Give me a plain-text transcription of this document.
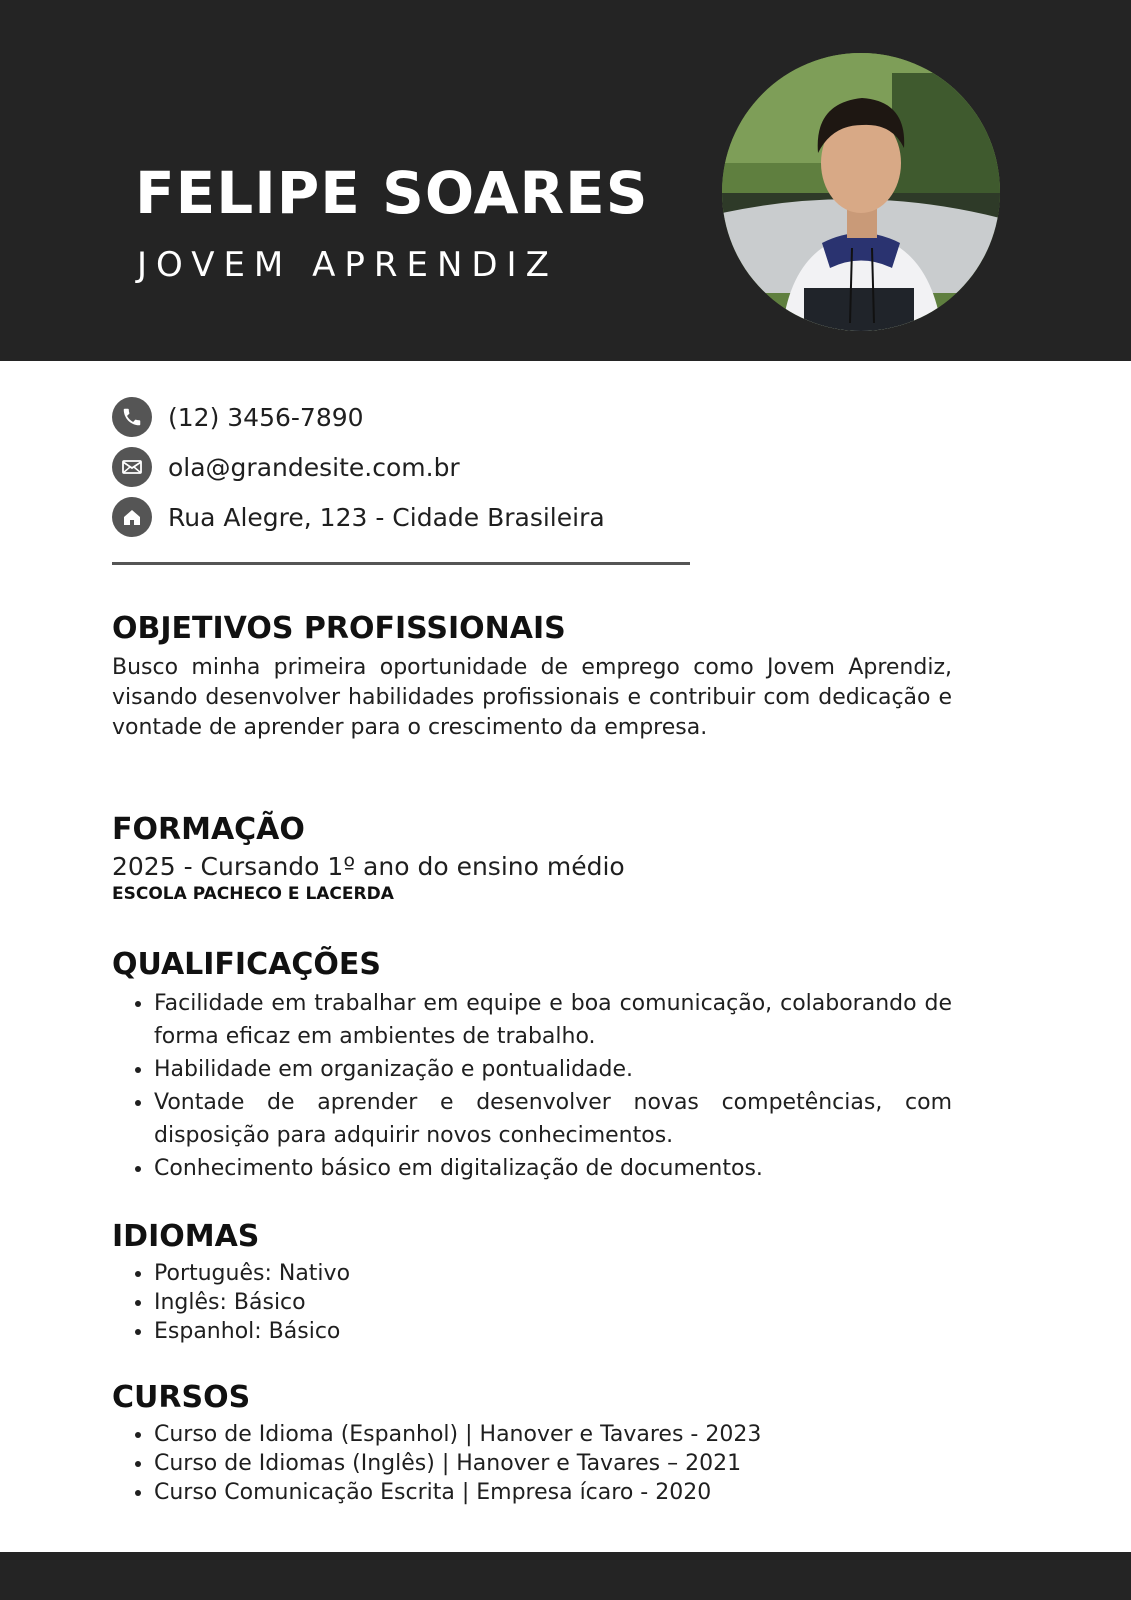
FELIPE SOARES
JOVEM APRENDIZ
(12) 3456-7890
ola@grandesite.com.br
Rua Alegre, 123 - Cidade Brasileira
OBJETIVOS PROFISSIONAIS

Busco minha primeira oportunidade de emprego como Jovem Aprendiz, visando desenvolver habilidades profissionais e contribuir com dedicação e vontade de aprender para o crescimento da empresa.

FORMAÇÃO

2025 - Cursando 1º ano do ensino médio

ESCOLA PACHECO E LACERDA

QUALIFICAÇÕES
• Facilidade em trabalhar em equipe e boa comunicação, colaborando de forma eficaz em ambientes de trabalho.
• Habilidade em organização e pontualidade.
• Vontade de aprender e desenvolver novas competências, com disposição para adquirir novos conhecimentos.
• Conhecimento básico em digitalização de documentos.
IDIOMAS
• Português: Nativo
• Inglês: Básico
• Espanhol: Básico
CURSOS
• Curso de Idioma (Espanhol) | Hanover e Tavares - 2023
• Curso de Idiomas (Inglês) | Hanover e Tavares – 2021
• Curso Comunicação Escrita | Empresa ícaro - 2020
